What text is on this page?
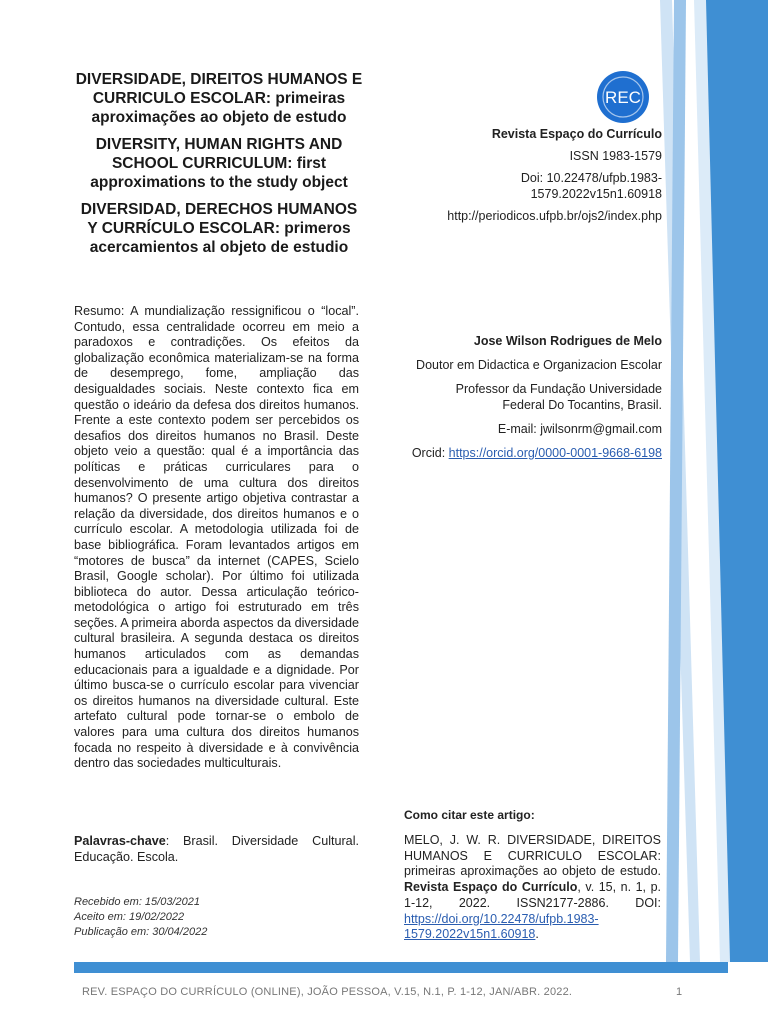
DIVERSIDADE, DIREITOS HUMANOS E CURRICULO ESCOLAR: primeiras aproximações ao objeto de estudo
DIVERSITY, HUMAN RIGHTS AND SCHOOL CURRICULUM: first approximations to the study object
DIVERSIDAD, DERECHOS HUMANOS Y CURRÍCULO ESCOLAR: primeros acercamientos al objeto de estudio
REC
Revista Espaço do Currículo
ISSN 1983-1579
Doi: 10.22478/ufpb.1983-1579.2022v15n1.60918
http://periodicos.ufpb.br/ojs2/index.php
Jose Wilson Rodrigues de Melo
Doutor em Didactica e Organizacion Escolar
Professor da Fundação Universidade Federal Do Tocantins, Brasil.
E-mail: jwilsonrm@gmail.com
Orcid: https://orcid.org/0000-0001-9668-6198
Resumo: A mundialização ressignificou o “local”. Contudo, essa centralidade ocorreu em meio a paradoxos e contradições. Os efeitos da globalização econômica materializam-se na forma de desemprego, fome, ampliação das desigualdades sociais. Neste contexto fica em questão o ideário da defesa dos direitos humanos. Frente a este contexto podem ser percebidos os desafios dos direitos humanos no Brasil. Deste objeto veio a questão: qual é a importância das políticas e práticas curriculares para o desenvolvimento de uma cultura dos direitos humanos? O presente artigo objetiva contrastar a relação da diversidade, dos direitos humanos e o currículo escolar. A metodologia utilizada foi de base bibliográfica. Foram levantados artigos em “motores de busca” da internet (CAPES, Scielo Brasil, Google scholar). Por último foi utilizada biblioteca do autor. Dessa articulação teórico-metodológica o artigo foi estruturado em três seções. A primeira aborda aspectos da diversidade cultural brasileira. A segunda destaca os direitos humanos articulados com as demandas educacionais para a igualdade e a dignidade. Por último busca-se o currículo escolar para vivenciar os direitos humanos na diversidade cultural. Este artefato cultural pode tornar-se o embolo de valores para uma cultura dos direitos humanos focada no respeito à diversidade e à convivência dentro das sociedades multiculturais.
Palavras-chave: Brasil. Diversidade Cultural. Educação. Escola.
Recebido em: 15/03/2021
Aceito em: 19/02/2022
Publicação em: 30/04/2022
Como citar este artigo:
MELO, J. W. R. DIVERSIDADE, DIREITOS HUMANOS E CURRICULO ESCOLAR: primeiras aproximações ao objeto de estudo. Revista Espaço do Currículo, v. 15, n. 1, p. 1-12, 2022. ISSN2177-2886. DOI: https://doi.org/10.22478/ufpb.1983-1579.2022v15n1.60918.
REV. ESPAÇO DO CURRÍCULO (ONLINE), JOÃO PESSOA, V.15, N.1, P. 1-12, JAN/ABR. 2022.	1
